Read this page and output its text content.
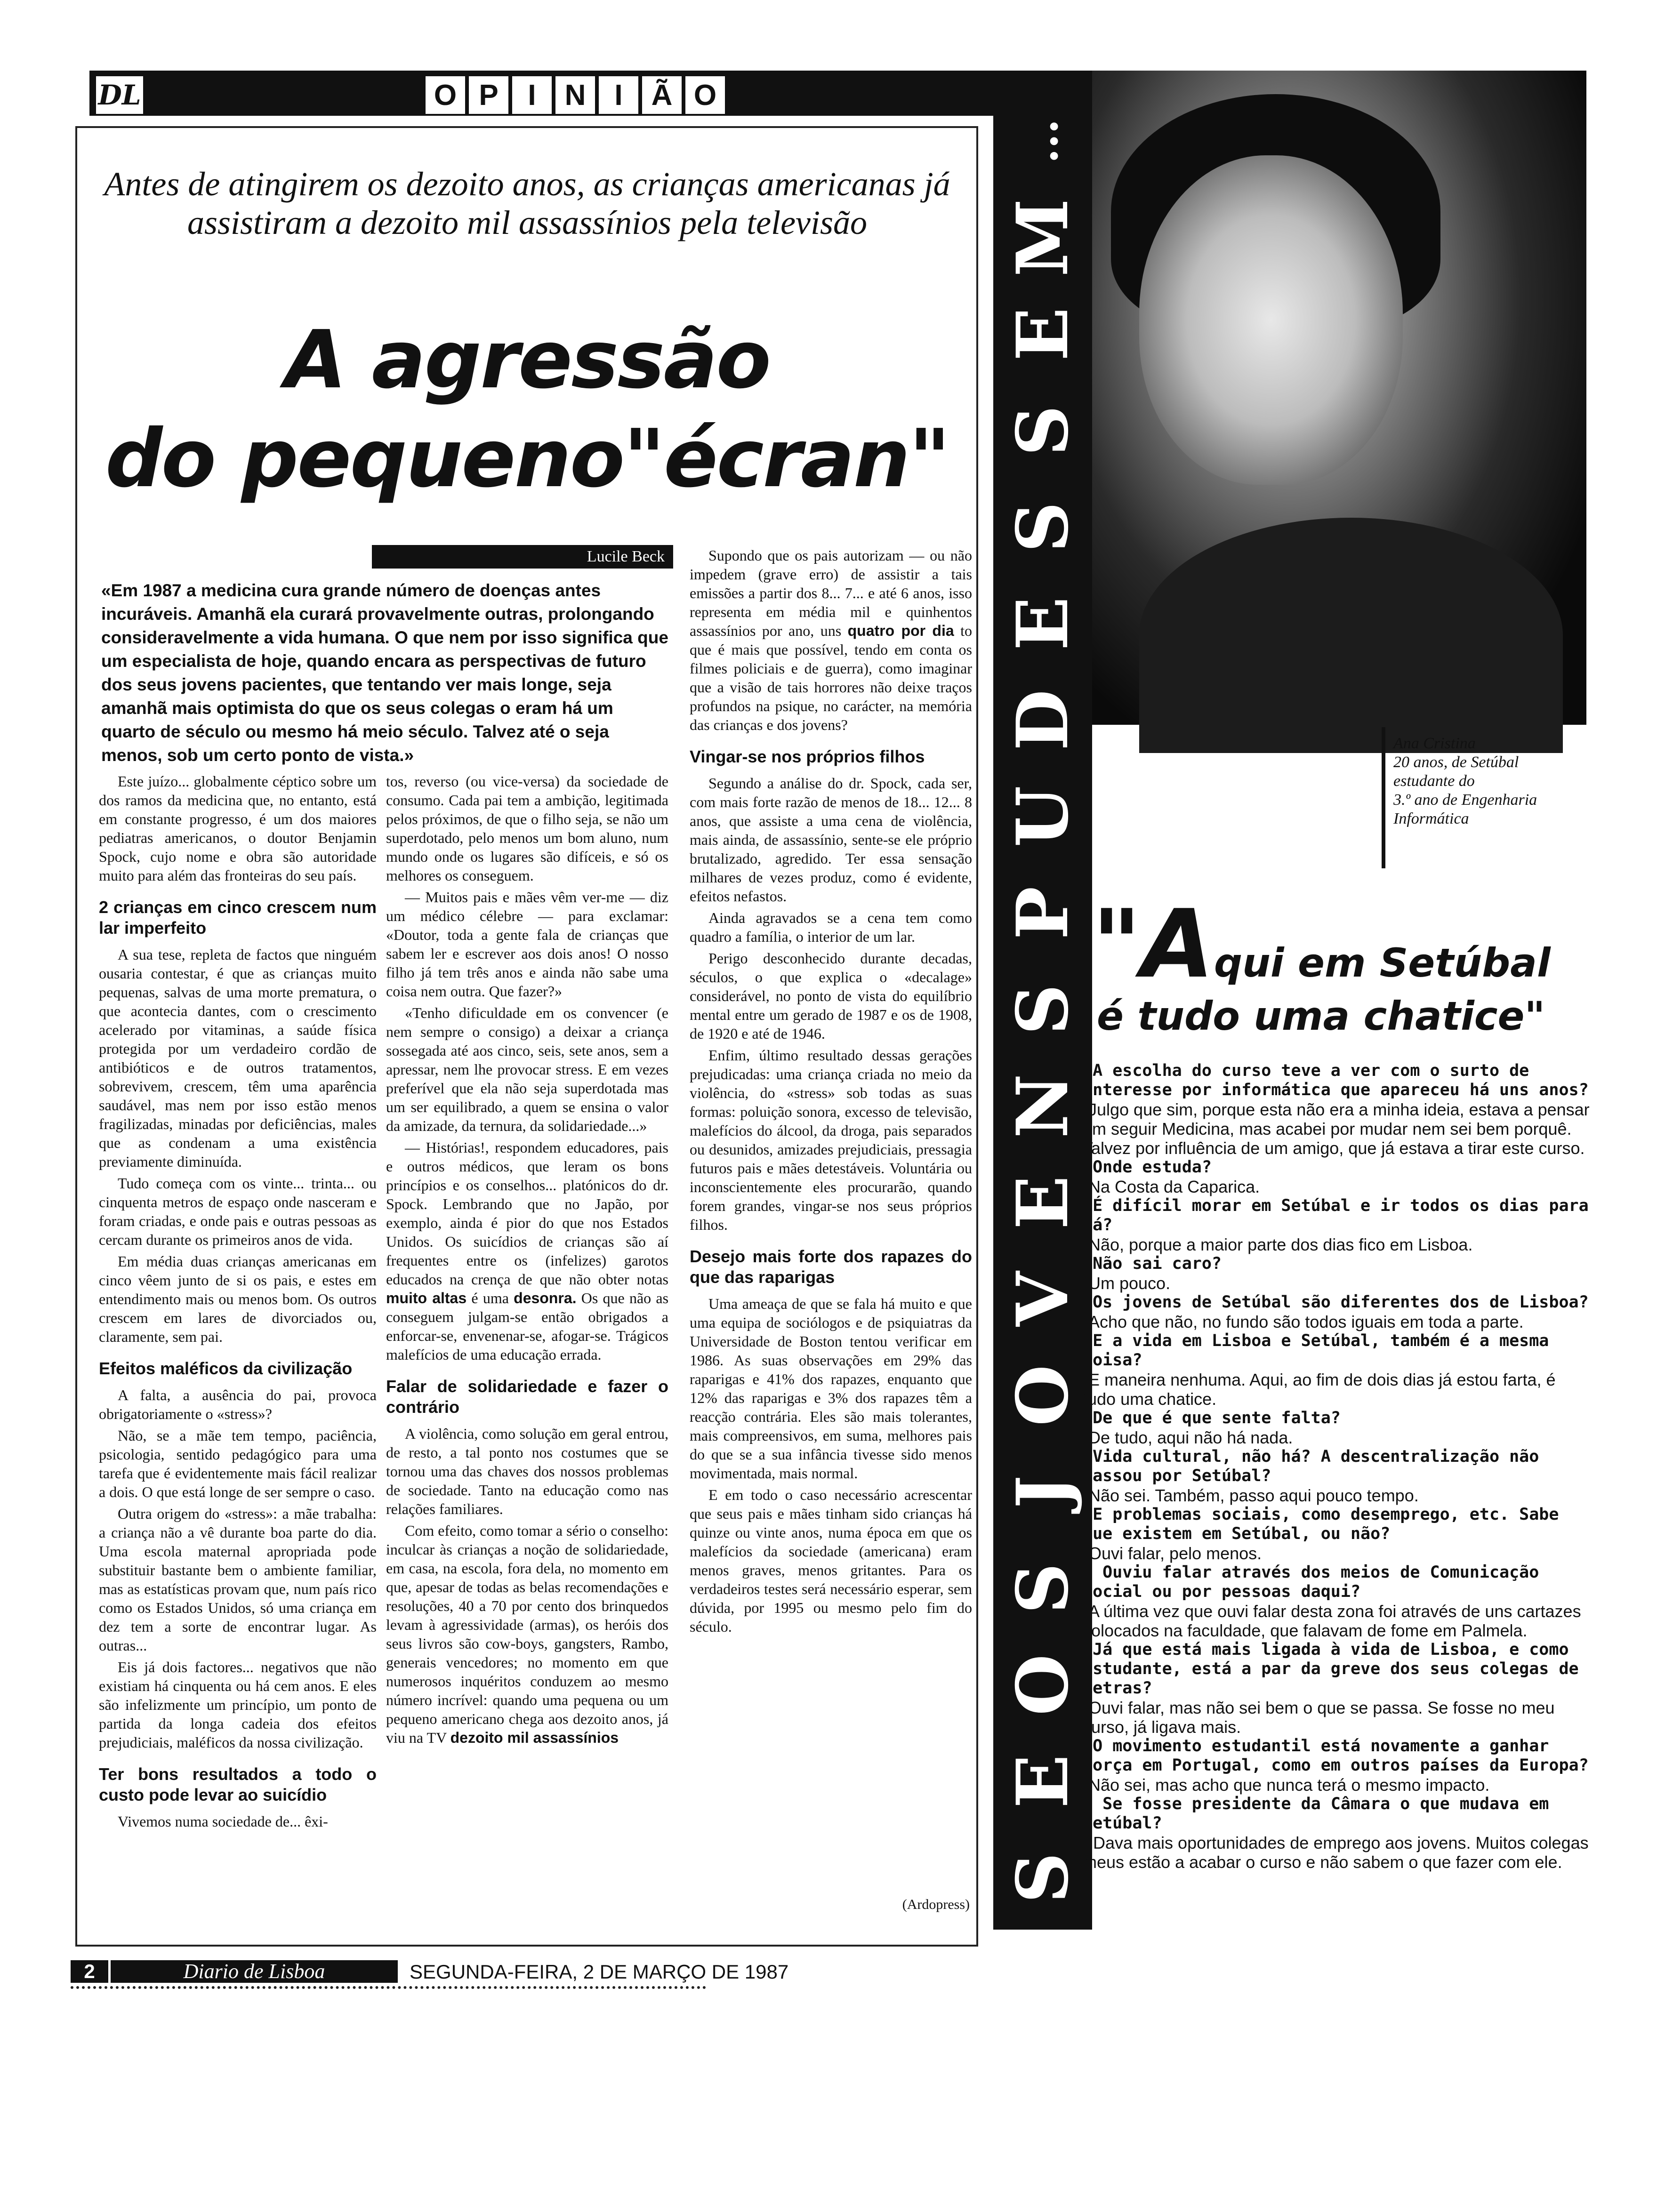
DL	O P	I N I Ã O
Antes de atingirem os dezoito anos, as crianças americanas já assistiram a dezoito mil assassínios pela televisão
A agressão
do pequeno"écran"
Lucile Beck
«Em 1987 a medicina cura grande número de doenças antes incuráveis. Amanhã ela curará provavelmente outras, prolongando consideravelmente a vida humana. O que nem por isso significa que um especialista de hoje, quando encara as perspectivas de futuro dos seus jovens pacientes, que tentando ver mais longe, seja amanhã mais optimista do que os seus colegas o eram há um quarto de século ou mesmo há meio século. Talvez até o seja menos, sob um certo ponto de vista.»

Este juízo... globalmente céptico sobre um dos ramos da medicina que, no entanto, está em constante progresso, é um dos maiores pediatras americanos, o doutor Benjamin Spock, cujo nome e obra são autoridade muito para além das fronteiras do seu país.

2 crianças em cinco crescem num lar imperfeito

A sua tese, repleta de factos que ninguém ousaria contestar, é que as crianças muito pequenas, salvas de uma morte prematura, o que acontecia dantes, com o crescimento acelerado por vitaminas, a saúde física protegida por um verdadeiro cordão de antibióticos e de outros tratamentos, sobrevivem, crescem, têm uma aparência saudável, mas nem por isso estão menos fragilizadas, minadas por deficiências, males que as condenam a uma existência previamente diminuída.

Tudo começa com os vinte... trinta... ou cinquenta metros de espaço onde nasceram e foram criadas, e onde pais e outras pessoas as cercam durante os primeiros anos de vida.

Em média duas crianças americanas em cinco vêem junto de si os pais, e estes em entendimento mais ou menos bom. Os outros crescem em lares de divorciados ou, claramente, sem pai.

Efeitos maléficos da civilização

A falta, a ausência do pai, provoca obrigatoriamente o «stress»?

Não, se a mãe tem tempo, paciência, psicologia, sentido pedagógico para uma tarefa que é evidentemente mais fácil realizar a dois. O que está longe de ser sempre o caso.

Outra origem do «stress»: a mãe trabalha: a criança não a vê durante boa parte do dia. Uma escola maternal apropriada pode substituir bastante bem o ambiente familiar, mas as estatísticas provam que, num país rico como os Estados Unidos, só uma criança em dez tem a sorte de encontrar lugar. As outras...

Eis já dois factores... negativos que não existiam há cinquenta ou há cem anos. E eles são infelizmente um princípio, um ponto de partida da longa cadeia dos efeitos prejudiciais, maléficos da nossa civilização.

Ter bons resultados a todo o custo pode levar ao suicídio

Vivemos numa sociedade de... êxi-

tos, reverso (ou vice-versa) da sociedade de consumo. Cada pai tem a ambição, legitimada pelos próximos, de que o filho seja, se não um superdotado, pelo menos um bom aluno, num mundo onde os lugares são difíceis, e só os melhores os conseguem.

— Muitos pais e mães vêm ver-me — diz um médico célebre — para exclamar: «Doutor, toda a gente fala de crianças que sabem ler e escrever aos dois anos! O nosso filho já tem três anos e ainda não sabe uma coisa nem outra. Que fazer?»

«Tenho dificuldade em os convencer (e nem sempre o consigo) a deixar a criança sossegada até aos cinco, seis, sete anos, sem a apressar, nem lhe provocar stress. E em vezes preferível que ela não seja superdotada mas um ser equilibrado, a quem se ensina o valor da amizade, da ternura, da solidariedade...»

— Histórias!, respondem educadores, pais e outros médicos, que leram os bons princípios e os conselhos... platónicos do dr. Spock. Lembrando que no Japão, por exemplo, ainda é pior do que nos Estados Unidos. Os suicídios de crianças são aí frequentes entre os (infelizes) garotos educados na crença de que não obter notas muito altas é uma desonra. Os que não as conseguem julgam-se então obrigados a enforcar-se, envenenar-se, afogar-se. Trágicos malefícios de uma educação errada.

Falar de solidariedade e fazer o contrário

A violência, como solução em geral entrou, de resto, a tal ponto nos costumes que se tornou uma das chaves dos nossos problemas de sociedade. Tanto na educação como nas relações familiares.

Com efeito, como tomar a sério o conselho: inculcar às crianças a noção de solidariedade, em casa, na escola, fora dela, no momento em que, apesar de todas as belas recomendações e resoluções, 40 a 70 por cento dos brinquedos levam à agressividade (armas), os heróis dos seus livros são cow-boys, gangsters, Rambo, generais vencedores; no momento em que numerosos inquéritos conduzem ao mesmo número incrível: quando uma pequena ou um pequeno americano chega aos dezoito anos, já viu na TV dezoito mil assassínios

Supondo que os pais autorizam — ou não impedem (grave erro) de assistir a tais emissões a partir dos 8... 7... e até 6 anos, isso representa em média mil e quinhentos assassínios por ano, uns quatro por dia to que é mais que possível, tendo em conta os filmes policiais e de guerra), como imaginar que a visão de tais horrores não deixe traços profundos na psique, no carácter, na memória das crianças e dos jovens?

Vingar-se nos próprios filhos

Segundo a análise do dr. Spock, cada ser, com mais forte razão de menos de 18... 12... 8 anos, que assiste a uma cena de violência, mais ainda, de assassínio, sente-se ele próprio brutalizado, agredido. Ter essa sensação milhares de vezes produz, como é evidente, efeitos nefastos.

Ainda agravados se a cena tem como quadro a família, o interior de um lar.

Perigo desconhecido durante decadas, séculos, o que explica o «decalage» considerável, no ponto de vista do equilíbrio mental entre um gerado de 1987 e os de 1908, de 1920 e até de 1946.

Enfim, último resultado dessas gerações prejudicadas: uma criança criada no meio da violência, do «stress» sob todas as suas formas: poluição sonora, excesso de televisão, malefícios do álcool, da droga, pais separados ou desunidos, amizades prejudiciais, pressagia futuros pais e mães detestáveis. Voluntária ou inconscientemente eles procurarão, quando forem grandes, vingar-se nos seus próprios filhos.

Desejo mais forte dos rapazes do que das raparigas

Uma ameaça de que se fala há muito e que uma equipa de sociólogos e de psiquiatras da Universidade de Boston tentou verificar em 1986. As suas observações em 29% das raparigas e 41% dos rapazes, enquanto que 12% das raparigas e 3% dos rapazes têm a reacção contrária. Eles são mais tolerantes, mais compreensivos, em suma, melhores pais do que se a sua infância tivesse sido menos movimentada, mais normal.

E em todo o caso necessário acrescentar que seus pais e mães tinham sido crianças há quinze ou vinte anos, numa época em que os malefícios da sociedade (americana) eram menos graves, menos gritantes. Para os verdadeiros testes será necessário esperar, sem dúvida, por 1995 ou mesmo pelo fim do século.

(Ardopress)
S
E
O
S
J
O
V
E
N
S
P
U
D
E
S
S
E
M
...
Ana Cristina
20 anos, de Setúbal
estudante do
3.º ano de Engenharia
Informática
"Aqui em Setúbal
é tudo uma chatice"
-A escolha do curso teve a ver com o surto de interesse por informática que apareceu há uns anos?
-Julgo que sim, porque esta não era a minha ideia, estava a pensar em seguir Medicina, mas acabei por mudar nem sei bem porquê. Talvez por influência de um amigo, que já estava a tirar este curso.
-Onde estuda?
-Na Costa da Caparica.
-É difícil morar em Setúbal e ir todos os dias para lá?
-Não, porque a maior parte dos dias fico em Lisboa.
-Não sai caro?
-Um pouco.
-Os jovens de Setúbal são diferentes dos de Lisboa?
-Acho que não, no fundo são todos iguais em toda a parte.
-E a vida em Lisboa e Setúbal, também é a mesma coisa?
-E maneira nenhuma. Aqui, ao fim de dois dias já estou farta, é tudo uma chatice.
-De que é que sente falta?
-De tudo, aqui não há nada.
-Vida cultural, não há? A descentralização não passou por Setúbal?
-Não sei. Também, passo aqui pouco tempo.
-E problemas sociais, como desemprego, etc. Sabe que existem em Setúbal, ou não?
-Ouvi falar, pelo menos.
- Ouviu falar através dos meios de Comunicação Social ou por pessoas daqui?
-A última vez que ouvi falar desta zona foi através de uns cartazes colocados na faculdade, que falavam de fome em Palmela.
-Já que está mais ligada à vida de Lisboa, e como estudante, está a par da greve dos seus colegas de Letras?
-Ouvi falar, mas não sei bem o que se passa. Se fosse no meu curso, já ligava mais.
-O movimento estudantil está novamente a ganhar força em Portugal, como em outros países da Europa?
-Não sei, mas acho que nunca terá o mesmo impacto.
- Se fosse presidente da Câmara o que mudava em Setúbal?
- Dava mais oportunidades de emprego aos jovens. Muitos colegas meus estão a acabar o curso e não sabem o que fazer com ele.
2	Diario de Lisboa	SEGUNDA-FEIRA, 2 DE MARÇO DE 1987
